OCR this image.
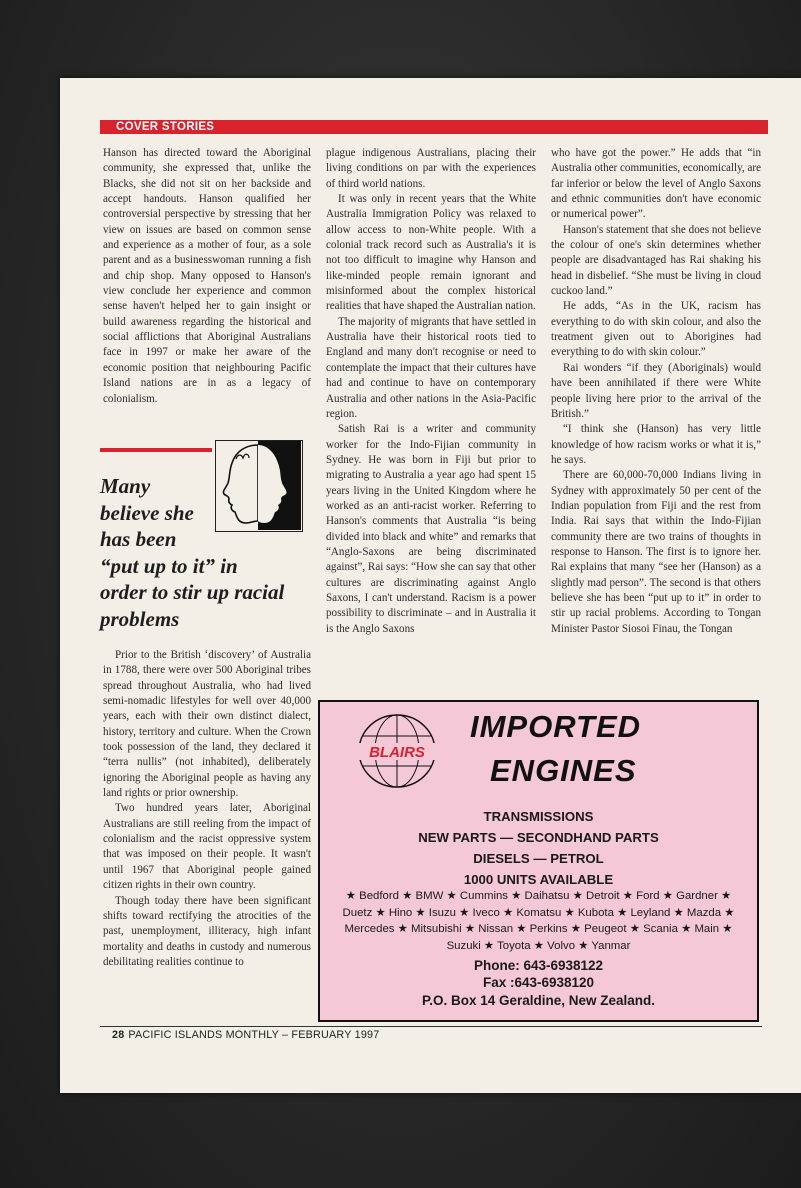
COVER STORIES

Hanson has directed toward the Aboriginal community, she expressed that, unlike the Blacks, she did not sit on her backside and accept handouts. Hanson qualified her controversial perspective by stressing that her view on issues are based on common sense and experience as a mother of four, as a sole parent and as a businesswoman running a fish and chip shop. Many opposed to Hanson's view conclude her experience and common sense haven't helped her to gain insight or build awareness regarding the historical and social afflictions that Aboriginal Australians face in 1997 or make her aware of the economic position that neighbouring Pacific Island nations are in as a legacy of colonialism.

Many
believe she
has been
“put up to it” in
order to stir up racial
problems

Prior to the British ‘discovery’ of Australia in 1788, there were over 500 Aboriginal tribes spread throughout Australia, who had lived semi-nomadic lifestyles for well over 40,000 years, each with their own distinct dialect, history, territory and culture. When the Crown took possession of the land, they declared it “terra nullis” (not inhabited), deliberately ignoring the Aboriginal people as having any land rights or prior ownership.

Two hundred years later, Aboriginal Australians are still reeling from the impact of colonialism and the racist oppressive system that was imposed on their people. It wasn't until 1967 that Aboriginal people gained citizen rights in their own country.

Though today there have been significant shifts toward rectifying the atrocities of the past, unemployment, illiteracy, high infant mortality and deaths in custody and numerous debilitating realities continue to

plague indigenous Australians, placing their living conditions on par with the experiences of third world nations.

It was only in recent years that the White Australia Immigration Policy was relaxed to allow access to non-White people. With a colonial track record such as Australia's it is not too difficult to imagine why Hanson and like-minded people remain ignorant and misinformed about the complex historical realities that have shaped the Australian nation.

The majority of migrants that have settled in Australia have their historical roots tied to England and many don't recognise or need to contemplate the impact that their cultures have had and continue to have on contemporary Australia and other nations in the Asia-Pacific region.

Satish Rai is a writer and community worker for the Indo-Fijian community in Sydney. He was born in Fiji but prior to migrating to Australia a year ago had spent 15 years living in the United Kingdom where he worked as an anti-racist worker. Referring to Hanson's comments that Australia “is being divided into black and white” and remarks that “Anglo-Saxons are being discriminated against”, Rai says: “How she can say that other cultures are discriminating against Anglo Saxons, I can't understand. Racism is a power possibility to discriminate – and in Australia it is the Anglo Saxons

who have got the power.” He adds that “in Australia other communities, economically, are far inferior or below the level of Anglo Saxons and ethnic communities don't have economic or numerical power”.

Hanson's statement that she does not believe the colour of one's skin determines whether people are disadvantaged has Rai shaking his head in disbelief. “She must be living in cloud cuckoo land.”

He adds, “As in the UK, racism has everything to do with skin colour, and also the treatment given out to Aborigines had everything to do with skin colour.”

Rai wonders “if they (Aboriginals) would have been annihilated if there were White people living here prior to the arrival of the British.”

“I think she (Hanson) has very little knowledge of how racism works or what it is,” he says.

There are 60,000-70,000 Indians living in Sydney with approximately 50 per cent of the Indian population from Fiji and the rest from India. Rai says that within the Indo-Fijian community there are two trains of thoughts in response to Hanson. The first is to ignore her. Rai explains that many “see her (Hanson) as a slightly mad person”. The second is that others believe she has been “put up to it” in order to stir up racial problems. According to Tongan Minister Pastor Siosoi Finau, the Tongan

BLAIRS
IMPORTED
ENGINES
TRANSMISSIONS
NEW PARTS — SECONDHAND PARTS
DIESELS — PETROL
1000 UNITS AVAILABLE
★ Bedford ★ BMW ★ Cummins ★ Daihatsu ★ Detroit ★ Ford ★ Gardner ★ Duetz ★ Hino ★ Isuzu ★ Iveco ★ Komatsu ★ Kubota ★ Leyland ★ Mazda ★ Mercedes ★ Mitsubishi ★ Nissan ★ Perkins ★ Peugeot ★ Scania ★ Main ★ Suzuki ★ Toyota ★ Volvo ★ Yanmar
Phone: 643-6938122
Fax :643-6938120
P.O. Box 14 Geraldine, New Zealand.
28 PACIFIC ISLANDS MONTHLY – FEBRUARY 1997
